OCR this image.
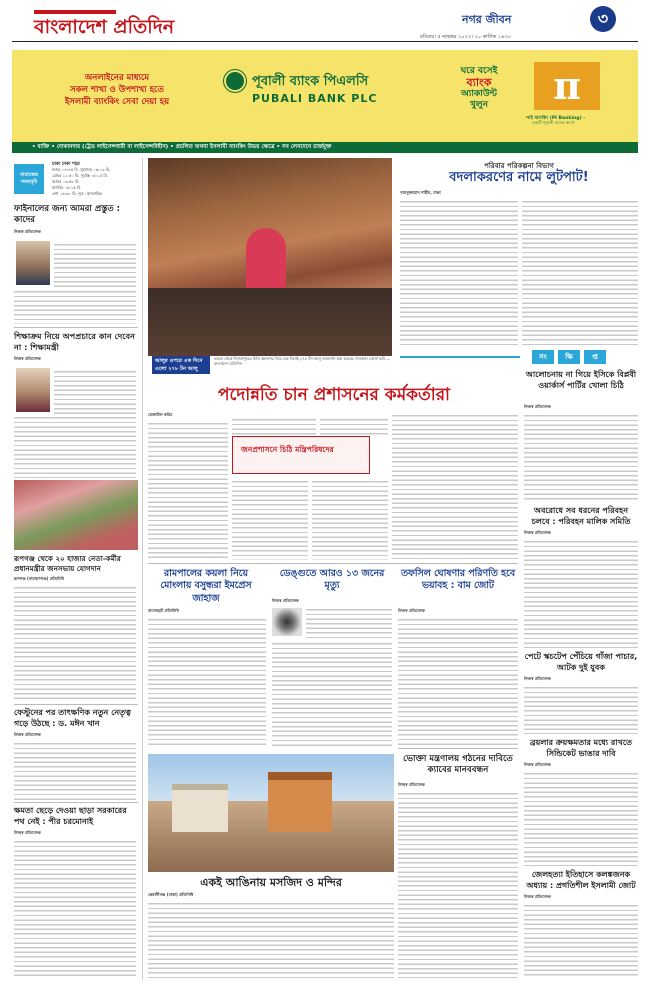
বাংলাদেশ প্রতিদিন	নগর জীবন	৩
রবিবার। ৫ নভেম্বর ২০২৩। ২০ কার্তিক ১৪৩০
অনলাইনের মাধ্যমে
সকল শাখা ও উপশাখা হতে
ইসলামী ব্যাংকিং সেবা দেয়া হয়
পূবালী ব্যাংক পিএলসি
PUBALI BANK PLC
ঘরে বসেই
ব্যাংক
অ্যাকাউন্ট
খুলুন	π
পাই ব্যাংকিং (PI Banking) -
একটি পূবালী ব্যাংক অ্যাপ
• ব্যক্তি • দোকানদার (ট্রেড লাইসেন্সধারী বা লাইসেন্সবিহীন) • প্রচলিত অথবা ইসলামী ব্যাংকিং উভয় ক্ষেত্রে • সব লেনদেনে চার্জমুক্ত
নামাজের সময়সূচি
ঢাকা ঢাকা শহর
ফজর ০৪:৪৫ মি. সূর্যোদয় ০৬:০৯ মি.
যোহর ১১:৫০ মি. সূর্যাস্ত ০৫:১৫ মি.
আসর ০৩:৪৮ মি.
মাগরিব ০৫:১৫ মি.
এশা ০৬:৩০ মি. সূত্র : ইসলামিক
ফাইনালের জন্য আমরা প্রস্তুত : কাদের
নিজস্ব প্রতিবেদক
শিক্ষাক্রম নিয়ে অপপ্রচারে কান দেবেন না : শিক্ষামন্ত্রী
নিজস্ব প্রতিবেদক
রূপগঞ্জ থেকে ২০ হাজার নেতা-কর্মীর প্রধানমন্ত্রীর জনসভায় যোগদান
রূপগঞ্জ (নারায়ণগঞ্জ) প্রতিনিধি
ফেস্টুনের পর তাৎক্ষণিক নতুন নেতৃত্ব গড়ে উঠছে : ড. মঈন খান
নিজস্ব প্রতিবেদক
ক্ষমতা ছেড়ে দেওয়া ছাড়া সরকারের পথ নেই : পীর চরমোনাই
নিজস্ব প্রতিবেদক
আলুর ওপরে এক দিনে এলো ২৭৮ টন আলু
ভারত থেকে দিনাজপুরের হিলি স্থলবন্দর দিয়ে এক দিনেই ২৭৮ টন আলু আমদানি করা হয়েছে। গতকাল তোলা ছবি —বাংলাদেশ প্রতিদিন
পদোন্নতি চান প্রশাসনের কর্মকর্তারা
রেজাউল করিম
জনপ্রশাসনে চিঠি মন্ত্রিপরিষদের
রামপালের কয়লা নিয়ে মোংলায় বসুন্ধরা ইমপ্রেস জাহাজ
বাগেরহাট প্রতিনিধি
ডেঙ্গুতে আরও ১৩ জনের মৃত্যু
নিজস্ব প্রতিবেদক
তফসিল ঘোষণার পরিণতি হবে ভয়াবহ : বাম জোট
নিজস্ব প্রতিবেদক
একই আঙিনায় মসজিদ ও মন্দির
কেরানীগঞ্জ (ঢাকা) প্রতিনিধি
ভোক্তা মন্ত্রণালয় গঠনের দাবিতে ক্যাবের মানববন্ধন
নিজস্ব প্রতিবেদক
পরিবার পরিকল্পনা বিভাগ
বদলাকরণের নামে লুটপাট!
সামসুজ্জামান শাহীন, ঢাকা
সং	ক্ষি	প্ত
আলোচনায় না গিয়ে ইসিকে বিপ্লবী ওয়ার্কার্স পার্টির খোলা চিঠি
নিজস্ব প্রতিবেদক
অবরোধে সব ধরনের পরিবহন চলবে : পরিবহন মালিক সমিতি
নিজস্ব প্রতিবেদক
পেটে স্কচটেপ পেঁচিয়ে গাঁজা পাচার, আটক দুই যুবক
নিজস্ব প্রতিবেদক
ব্রয়লার ক্রয়ক্ষমতার মধ্যে রাখতে সিন্ডিকেট ভাঙার দাবি
নিজস্ব প্রতিবেদক
জেলহত্যা ইতিহাসে কলঙ্কজনক অধ্যায় : প্রগতিশীল ইসলামী জোট
নিজস্ব প্রতিবেদক
